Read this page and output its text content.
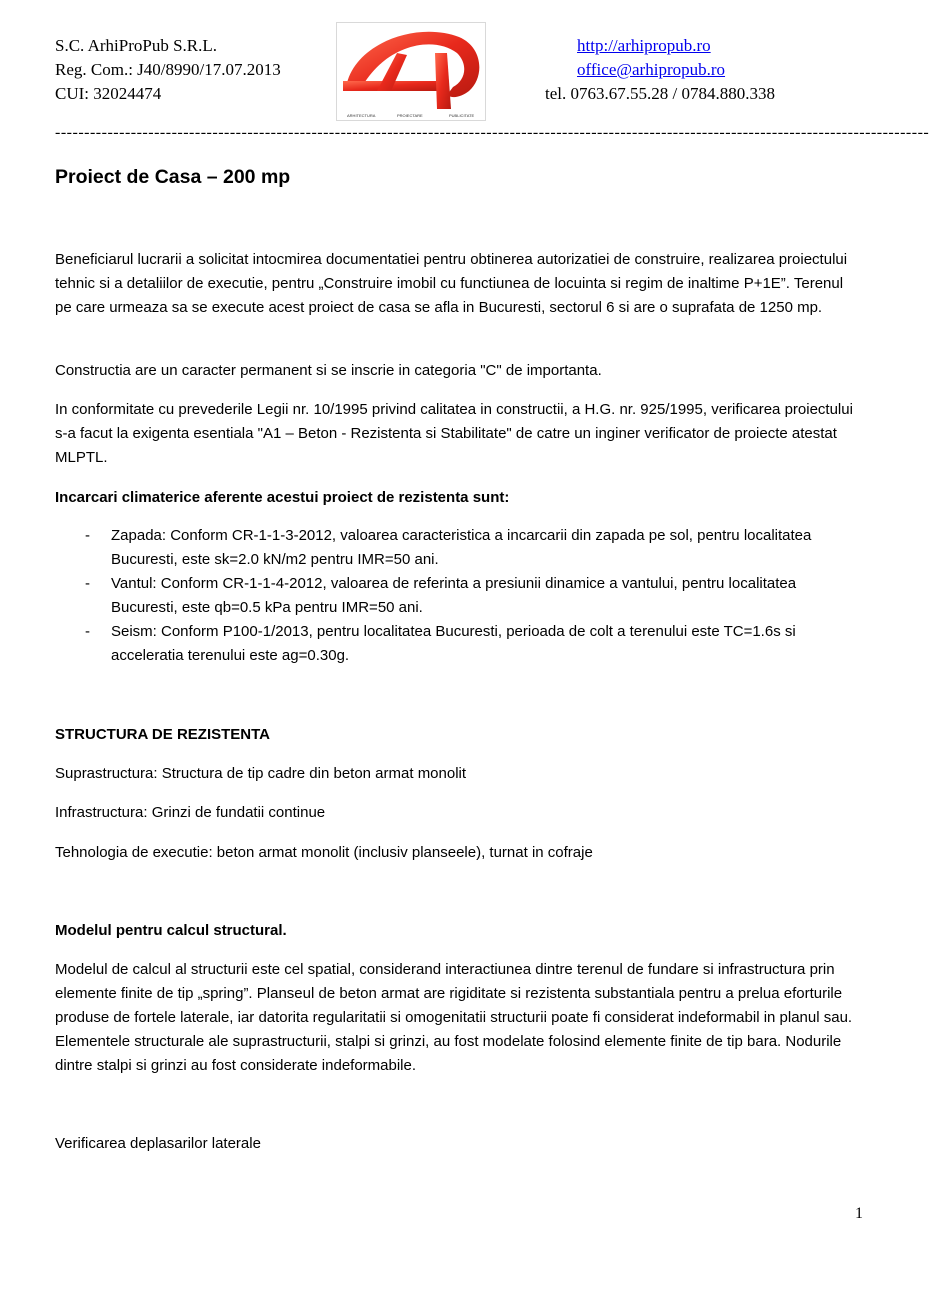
S.C. ArhiProPub S.R.L.
Reg. Com.: J40/8990/17.07.2013
CUI: 32024474
ARHITECTURA	PROIECTARE	PUBLICITATE
http://arhipropub.ro
office@arhipropub.ro
tel. 0763.67.55.28 / 0784.880.338
------------------------------------------------------------------------------------------------------------------------------------------------------
Proiect de Casa – 200 mp

Beneficiarul lucrarii a solicitat intocmirea documentatiei pentru obtinerea autorizatiei de construire, realizarea proiectului tehnic si a detaliilor de executie, pentru „Construire imobil cu functiunea de locuinta si regim de inaltime P+1E”. Terenul pe care urmeaza sa se execute acest proiect de casa se afla in Bucuresti, sectorul 6 si are o suprafata de 1250 mp.

Constructia are un caracter permanent si se inscrie in categoria "C" de importanta.

In conformitate cu prevederile Legii nr. 10/1995 privind calitatea in constructii, a H.G. nr. 925/1995, verificarea proiectului s-a facut la exigenta esentiala "A1 – Beton - Rezistenta si Stabilitate" de catre un inginer verificator de proiecte atestat MLPTL.

Incarcari climaterice aferente acestui proiect de rezistenta sunt:

- Zapada: Conform CR-1-1-3-2012, valoarea caracteristica a incarcarii din zapada pe sol, pentru localitatea Bucuresti, este sk=2.0 kN/m2 pentru IMR=50 ani.
- Vantul: Conform CR-1-1-4-2012, valoarea de referinta a presiunii dinamice a vantului, pentru localitatea Bucuresti, este qb=0.5 kPa pentru IMR=50 ani.
- Seism: Conform P100-1/2013, pentru localitatea Bucuresti, perioada de colt a terenului este TC=1.6s si acceleratia terenului este ag=0.30g.

STRUCTURA DE REZISTENTA

Suprastructura: Structura de tip cadre din beton armat monolit

Infrastructura: Grinzi de fundatii continue

Tehnologia de executie: beton armat monolit (inclusiv planseele), turnat in cofraje

Modelul pentru calcul structural.

Modelul de calcul al structurii este cel spatial, considerand interactiunea dintre terenul de fundare si infrastructura prin elemente finite de tip „spring”. Planseul de beton armat are rigiditate si rezistenta substantiala pentru a prelua eforturile produse de fortele laterale, iar datorita regularitatii si omogenitatii structurii poate fi considerat indeformabil in planul sau. Elementele structurale ale suprastructurii, stalpi si grinzi, au fost modelate folosind elemente finite de tip bara. Nodurile dintre stalpi si grinzi au fost considerate indeformabile.

Verificarea deplasarilor laterale

1
